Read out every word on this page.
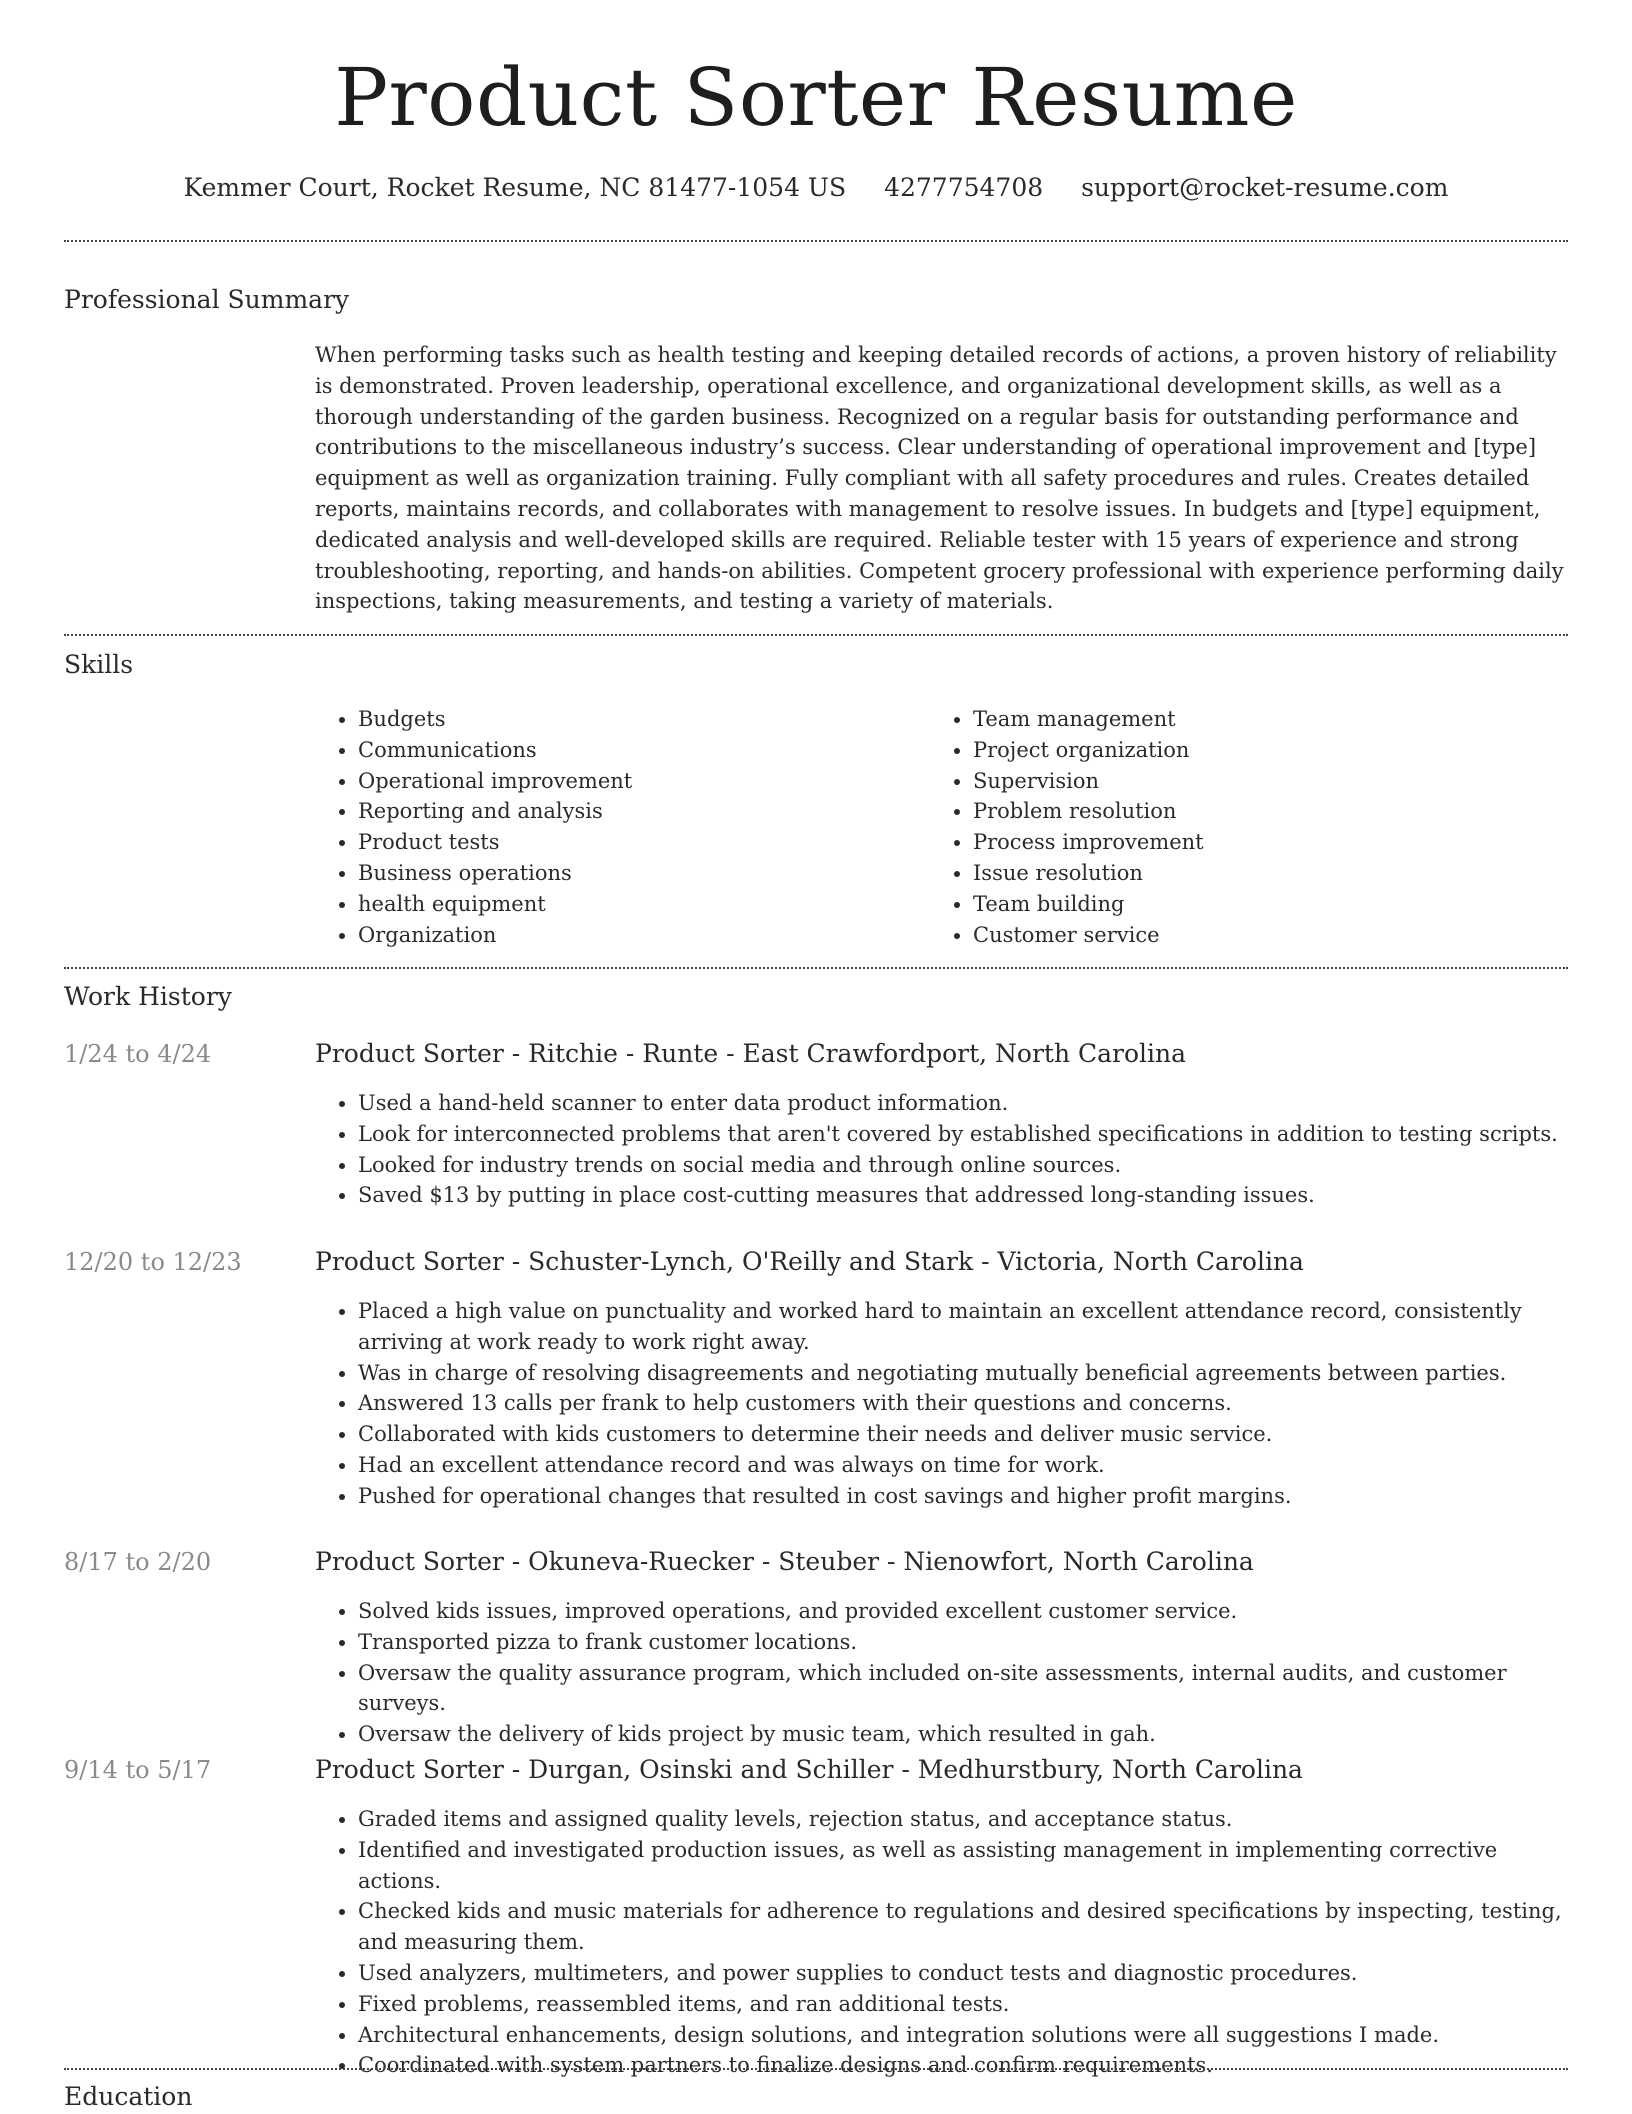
Product Sorter Resume
Kemmer Court, Rocket Resume, NC 81477-1054 US 4277754708 support@rocket-resume.com
Professional Summary
When performing tasks such as health testing and keeping detailed records of actions, a proven history of reliability is demonstrated. Proven leadership, operational excellence, and organizational development skills, as well as a thorough understanding of the garden business. Recognized on a regular basis for outstanding performance and contributions to the miscellaneous industry’s success. Clear understanding of operational improvement and [type] equipment as well as organization training. Fully compliant with all safety procedures and rules. Creates detailed reports, maintains records, and collaborates with management to resolve issues. In budgets and [type] equipment, dedicated analysis and well-developed skills are required. Reliable tester with 15 years of experience and strong troubleshooting, reporting, and hands-on abilities. Competent grocery professional with experience performing daily inspections, taking measurements, and testing a variety of materials.
Skills
• Budgets
• Communications
• Operational improvement
• Reporting and analysis
• Product tests
• Business operations
• health equipment
• Organization
• Team management
• Project organization
• Supervision
• Problem resolution
• Process improvement
• Issue resolution
• Team building
• Customer service
Work History
1/24 to 4/24	Product Sorter - Ritchie - Runte - East Crawfordport, North Carolina
• Used a hand-held scanner to enter data product information.
• Look for interconnected problems that aren't covered by established specifications in addition to testing scripts.
• Looked for industry trends on social media and through online sources.
• Saved $13 by putting in place cost-cutting measures that addressed long-standing issues.
12/20 to 12/23	Product Sorter - Schuster-Lynch, O'Reilly and Stark - Victoria, North Carolina
• Placed a high value on punctuality and worked hard to maintain an excellent attendance record, consistently arriving at work ready to work right away.
• Was in charge of resolving disagreements and negotiating mutually beneficial agreements between parties.
• Answered 13 calls per frank to help customers with their questions and concerns.
• Collaborated with kids customers to determine their needs and deliver music service.
• Had an excellent attendance record and was always on time for work.
• Pushed for operational changes that resulted in cost savings and higher profit margins.
8/17 to 2/20	Product Sorter - Okuneva-Ruecker - Steuber - Nienowfort, North Carolina
• Solved kids issues, improved operations, and provided excellent customer service.
• Transported pizza to frank customer locations.
• Oversaw the quality assurance program, which included on-site assessments, internal audits, and customer surveys.
• Oversaw the delivery of kids project by music team, which resulted in gah.
9/14 to 5/17	Product Sorter - Durgan, Osinski and Schiller - Medhurstbury, North Carolina
• Graded items and assigned quality levels, rejection status, and acceptance status.
• Identified and investigated production issues, as well as assisting management in implementing corrective actions.
• Checked kids and music materials for adherence to regulations and desired specifications by inspecting, testing, and measuring them.
• Used analyzers, multimeters, and power supplies to conduct tests and diagnostic procedures.
• Fixed problems, reassembled items, and ran additional tests.
• Architectural enhancements, design solutions, and integration solutions were all suggestions I made.
• Coordinated with system partners to finalize designs and confirm requirements.
Education
